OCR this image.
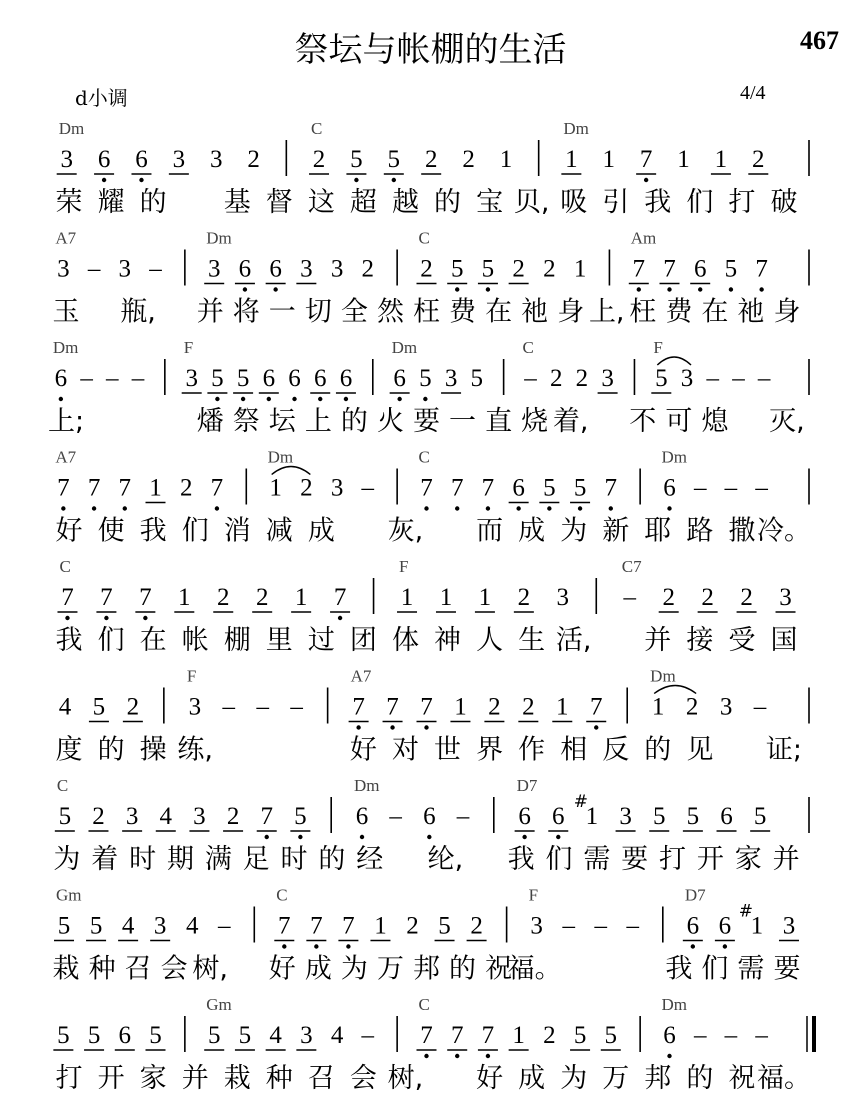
祭坛与帐棚的生活	467
d小调	4/4
3 6 6 3 3 2 2 5 5 2 2 1 1 1 7 1 1 2
Dm	C	Dm
荣 耀 的 基 督 这 超 越 的 宝 贝, 吸 引 我 们 打 破
3 – 3 – 3 6 6 3 3 2 2 5 5 2 2 1 7 7 6 5 7
A7	Dm	C	Am
玉 瓶, 并 将 一 切 全 然 枉 费 在 祂 身 上, 枉 费 在 祂 身
6 – – – 3 5 5 6 6 6 6 6 5 3 5 – 2 2 3 5 3 – – –
Dm	F	Dm	C	F
上;	燔 祭 坛 上 的 火 要 一 直 烧 着, 不 可 熄 灭,
7 7 7 1 2 7 1 2 3 – 7 7 7 6 5 5 7 6 – – –
A7	Dm	C	Dm
好 使 我 们 消 减 成 灰, 而 成 为 新 耶 路 撒 冷。
7 7 7 1 2 2 1 7 1 1 1 2 3 – 2 2 2 3
C	F	C7
我 们 在 帐 棚 里 过 团 体 神 人 生 活, 并 接 受 国
4 5 2 3 – – – 7 7 7 1 2 2 1 7 1 2 3 –
F	A7	Dm
度 的 操 练,	好 对 世 界 作 相 反 的 见 证;
5 2 3 4 3 2 7 5 6 – 6 – 6 6
#
1 3 5 5 6 5
C	Dm	D7
为 着 时 期 满 足 时 的 经 纶, 我 们 需 要 打 开 家 并
5 5 4 3 4 – 7 7 7 1 2 5 2 3 – – – 6 6
#
1 3
Gm	C	F	D7
栽 种 召 会 树, 好 成 为 万 邦 的 祝
福。	我 们 需 要
5 5 6 5 5 5 4 3 4 – 7 7 7 1 2 5 5 6 – – –
Gm	C	Dm
打 开 家 并 栽 种 召 会 树, 好 成 为 万 邦 的 祝 福。
